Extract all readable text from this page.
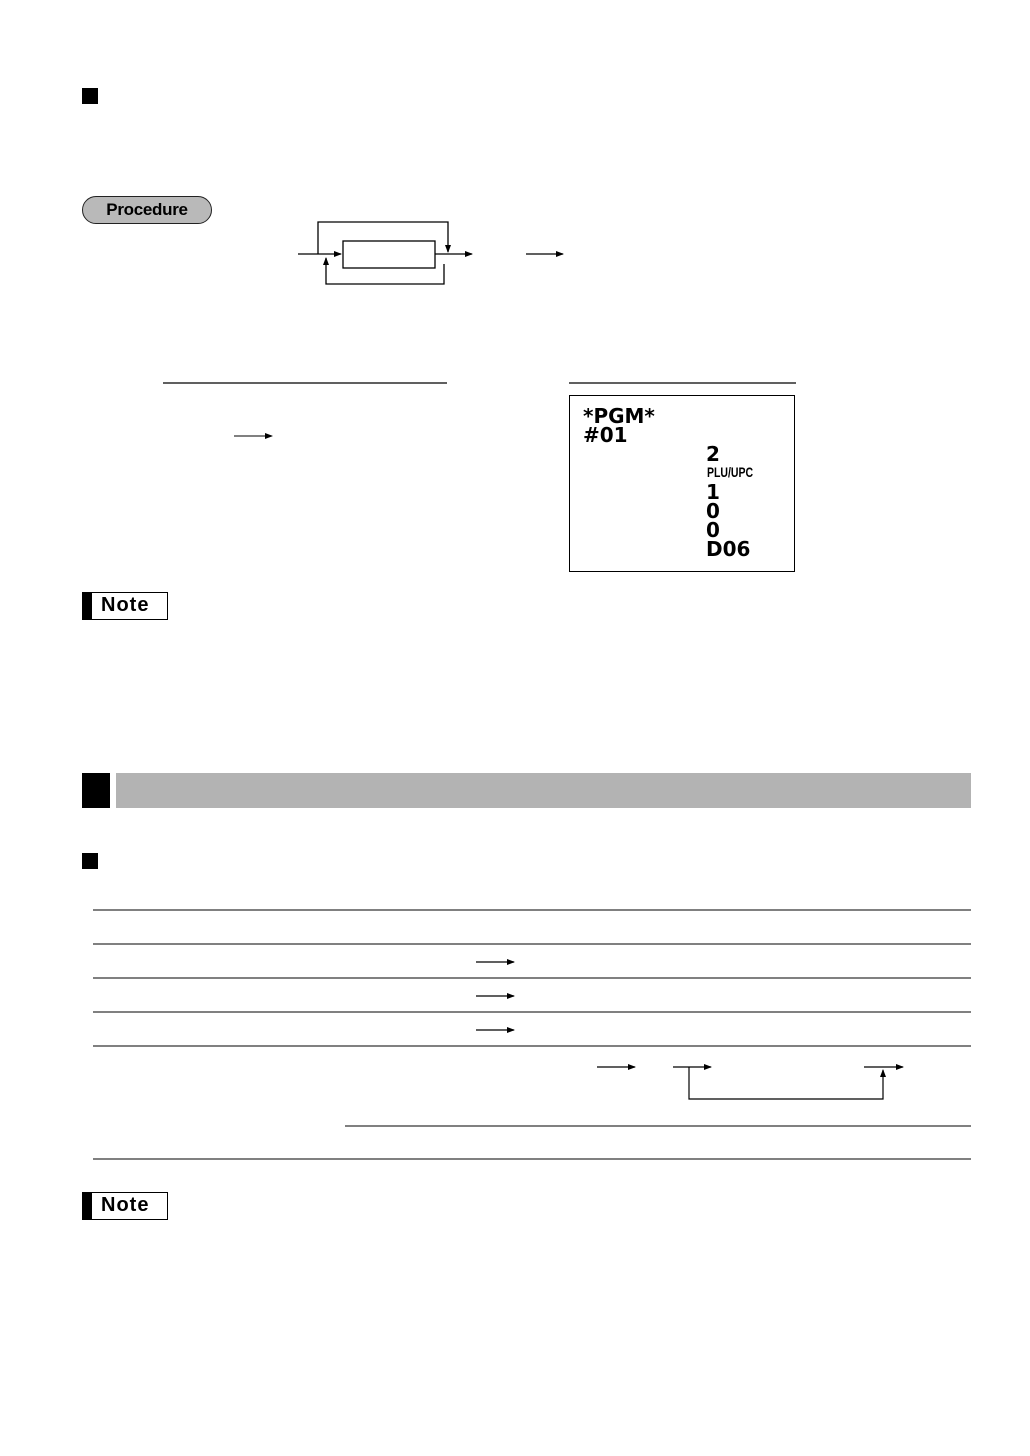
Procedure
*PGM*
#01
2
PLU/UPC
1
0
0
D06
Note
Note
